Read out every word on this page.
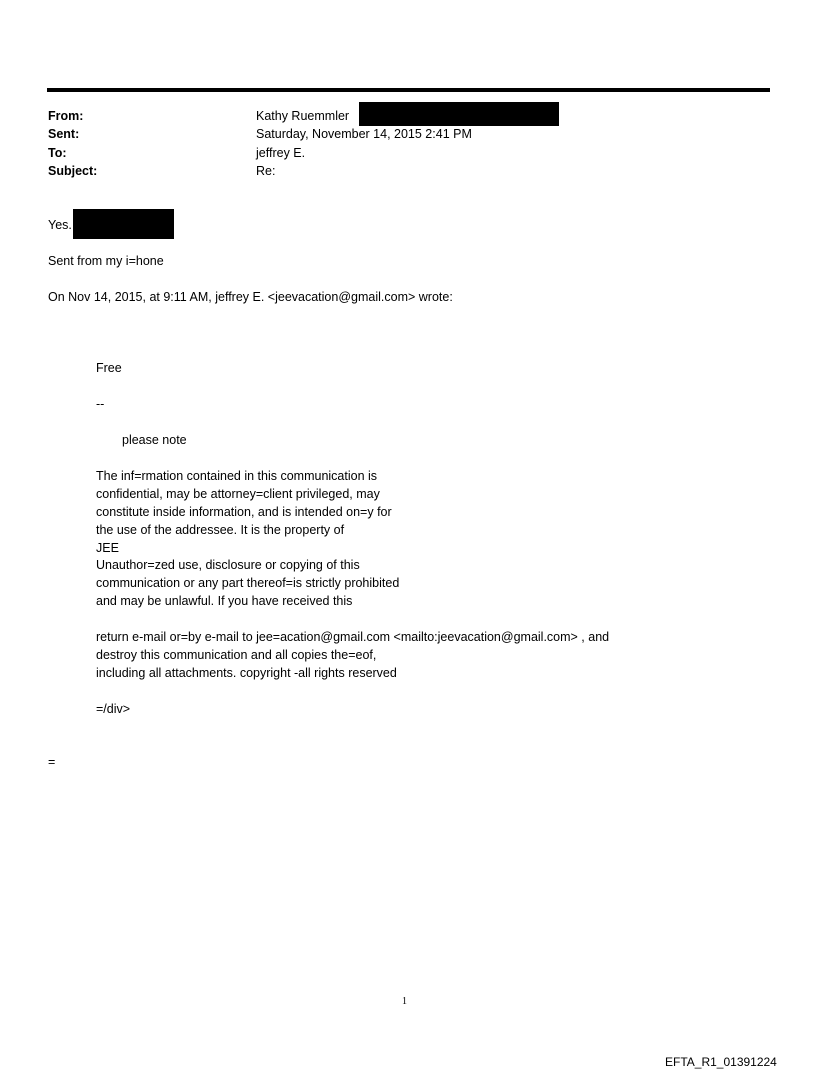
From:	Kathy Ruemmler
Sent:	Saturday, November 14, 2015 2:41 PM
To:	jeffrey E.
Subject:	Re:
Yes.
Sent from my i=hone
On Nov 14, 2015, at 9:11 AM, jeffrey E. <jeevacation@gmail.com> wrote:
Free
--
please note
The inf=rmation contained in this communication is
confidential, may be attorney=client privileged, may
constitute inside information, and is intended on=y for
the use of the addressee. It is the property of
JEE
Unauthor=zed use, disclosure or copying of this
communication or any part thereof=is strictly prohibited
and may be unlawful. If you have received this
return e-mail or=by e-mail to jee=acation@gmail.com <mailto:jeevacation@gmail.com> , and
destroy this communication and all copies the=eof,
including all attachments. copyright -all rights reserved
=/div>
=
1
EFTA_R1_01391224
